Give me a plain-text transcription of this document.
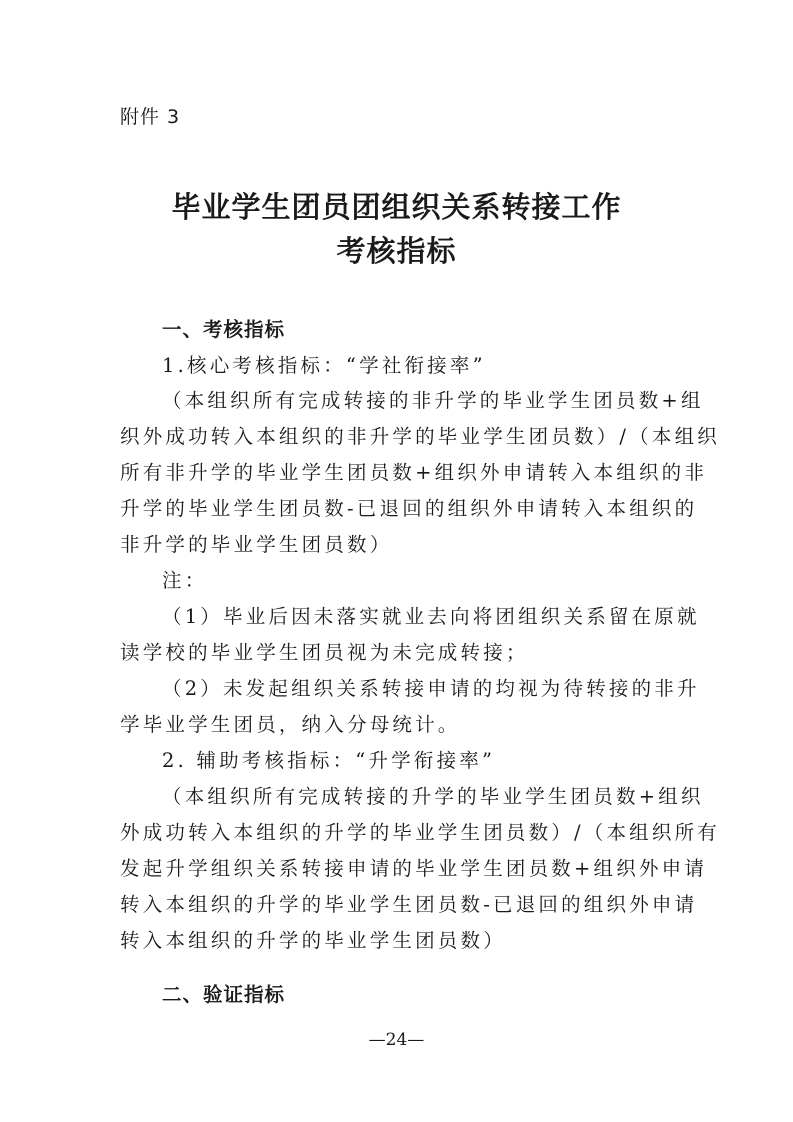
附件 3
毕业学生团员团组织关系转接工作
考核指标
一、考核指标
1.核心考核指标：“学社衔接率”
（本组织所有完成转接的非升学的毕业学生团员数+组
织外成功转入本组织的非升学的毕业学生团员数）/（本组织
所有非升学的毕业学生团员数+组织外申请转入本组织的非
升学的毕业学生团员数-已退回的组织外申请转入本组织的
非升学的毕业学生团员数）
注：
（1）毕业后因未落实就业去向将团组织关系留在原就
读学校的毕业学生团员视为未完成转接；
（2）未发起组织关系转接申请的均视为待转接的非升
学毕业学生团员，纳入分母统计。
2. 辅助考核指标：“升学衔接率”
（本组织所有完成转接的升学的毕业学生团员数+组织
外成功转入本组织的升学的毕业学生团员数）/（本组织所有
发起升学组织关系转接申请的毕业学生团员数+组织外申请
转入本组织的升学的毕业学生团员数-已退回的组织外申请
转入本组织的升学的毕业学生团员数）
二、验证指标
—24—
